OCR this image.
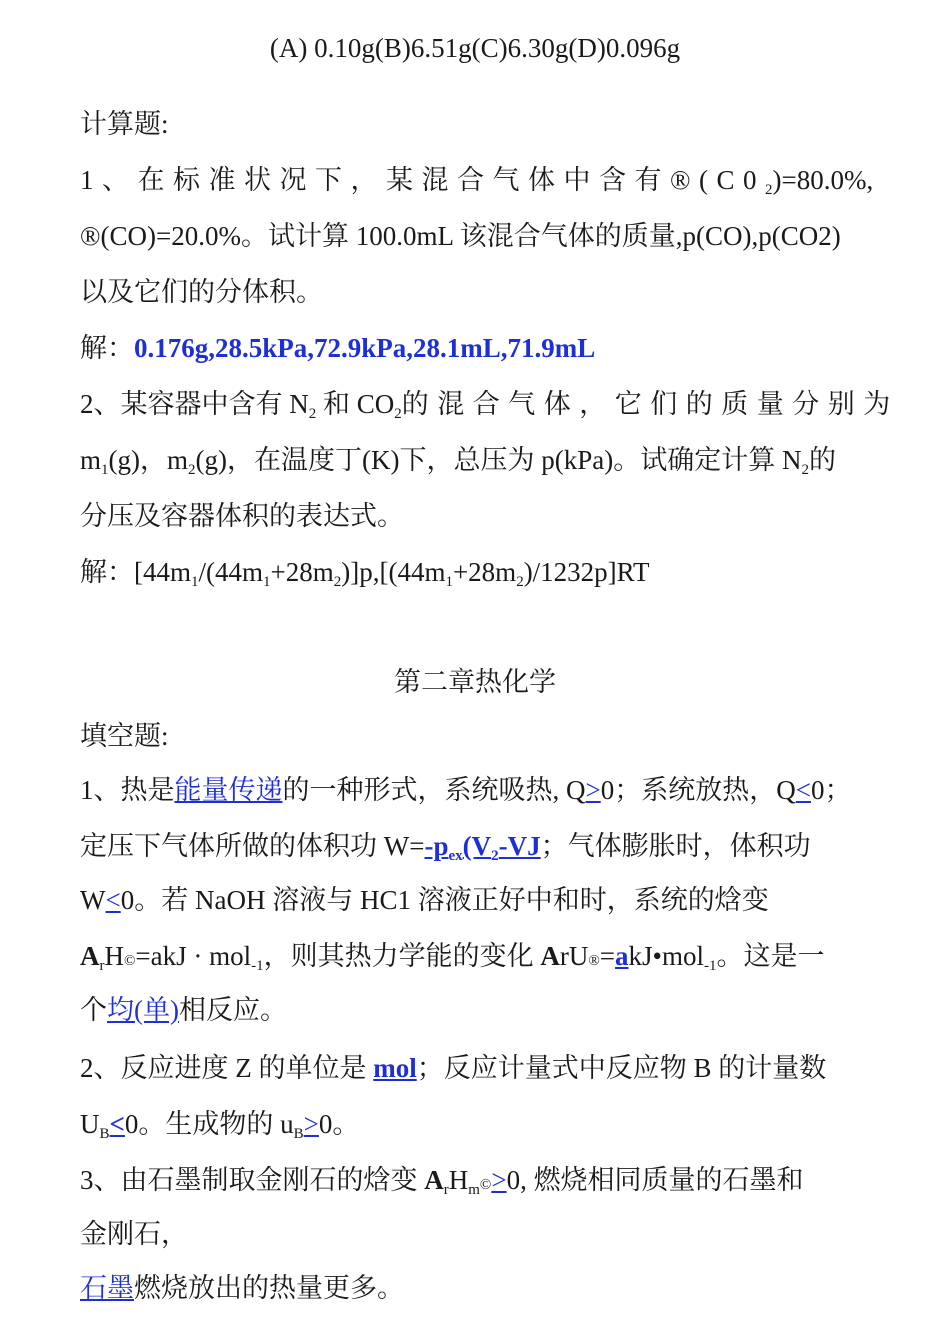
(A) 0.10g(B)6.51g(C)6.30g(D)0.096g
计算题:
1、在标准状况下，某混合气体中含有$®(C0_2)=80.0\%$,
®(CO)=20.0%。试计算 100.0mL 该混合气体的质量,p(CO),p(CO2)
以及它们的分体积。
解：0.176g,28.5kPa,72.9kPa,28.1mL,71.9mL
2、某容器中含有 $N_2$ 和 $CO_2$的混合气体，它们的质量分别为
$m_1(g)$，$m_2(g)$，在温度丁(K)下，总压为 p(kPa)。试确定计算 $N_2$的
分压及容器体积的表达式。
解：$[44m_1/(44m_1+28m_2)]p,[(44m_1+28m_2)/1232p]RT$
第二章热化学
填空题:
1、热是能量传递的一种形式，系统吸热, Q>0；系统放热，Q<0；
定压下气体所做的体积功 $W=-p_{ex}(V_2-VJ$；气体膨胀时，体积功
W<0。若 NaOH 溶液与 HC1 溶液正好中和时，系统的焓变
$A_rH©=akJ \cdot mol_{-1}$，则其热力学能的变化 ArU®=akJ•mol$_{-1}$。这是一
个均(单)相反应。
2、反应进度 Z 的单位是 mol；反应计量式中反应物 B 的计量数
$U_B<0$。生成物的 $u_B>0$。
3、由石墨制取金刚石的焓变 $A_rH_m©>0$, 燃烧相同质量的石墨和
金刚石，
石墨燃烧放出的热量更多。
